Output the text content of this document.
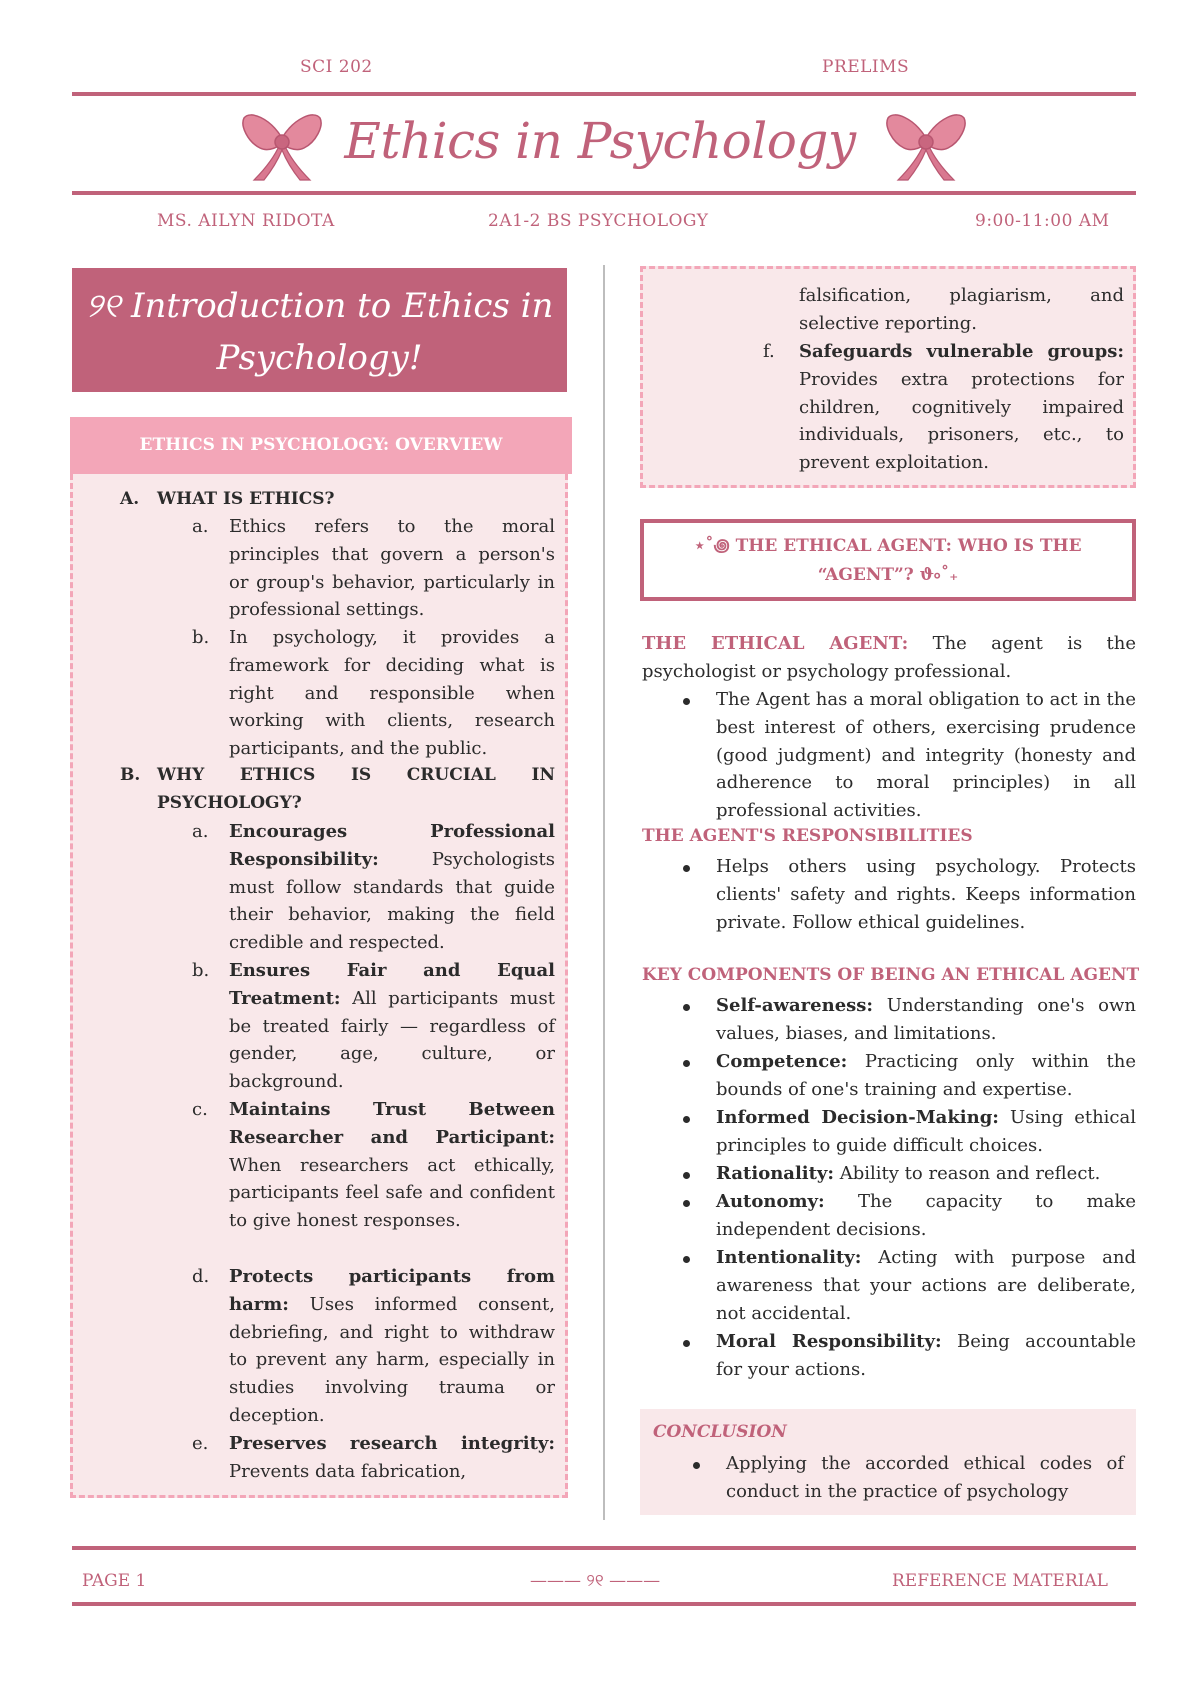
SCI 202	PRELIMS
Ethics in Psychology
MS. AILYN RIDOTA	2A1-2 BS PSYCHOLOGY	9:00-11:00 AM
୨୧ Introduction to Ethics in
Psychology!
ETHICS IN PSYCHOLOGY: OVERVIEW
A. WHAT IS ETHICS?
a. Ethics refers to the moral principles that govern a person's or group's behavior, particularly in professional settings.
b. In psychology, it provides a framework for deciding what is right and responsible when working with clients, research participants, and the public.
B. WHY ETHICS IS CRUCIAL IN PSYCHOLOGY?
a. Encourages Professional Responsibility: Psychologists must follow standards that guide their behavior, making the field credible and respected.
b. Ensures Fair and Equal Treatment: All participants must be treated fairly — regardless of gender, age, culture, or background.
c. Maintains Trust Between Researcher and Participant: When researchers act ethically, participants feel safe and confident to give honest responses.
d. Protects participants from harm: Uses informed consent, debriefing, and right to withdraw to prevent any harm, especially in studies involving trauma or deception.
e. Preserves research integrity: Prevents data fabrication,
falsification, plagiarism, and selective reporting.
f. Safeguards vulnerable groups: Provides extra protections for children, cognitively impaired individuals, prisoners, etc., to prevent exploitation.
⋆˚꩜ THE ETHICAL AGENT: WHO IS THE
“AGENT”? ϑ৹˚₊
THE ETHICAL AGENT: The agent is the psychologist or psychology professional.
The Agent has a moral obligation to act in the best interest of others, exercising prudence (good judgment) and integrity (honesty and adherence to moral principles) in all professional activities.
THE AGENT'S RESPONSIBILITIES
Helps others using psychology. Protects clients' safety and rights. Keeps information private. Follow ethical guidelines.
KEY COMPONENTS OF BEING AN ETHICAL AGENT
Self-awareness: Understanding one's own values, biases, and limitations.
Competence: Practicing only within the bounds of one's training and expertise.
Informed Decision-Making: Using ethical principles to guide difficult choices.
Rationality: Ability to reason and reflect.
Autonomy: The capacity to make independent decisions.
Intentionality: Acting with purpose and awareness that your actions are deliberate, not accidental.
Moral Responsibility: Being accountable for your actions.
CONCLUSION
Applying the accorded ethical codes of conduct in the practice of psychology
PAGE 1	——— ୨୧ ———	REFERENCE MATERIAL
